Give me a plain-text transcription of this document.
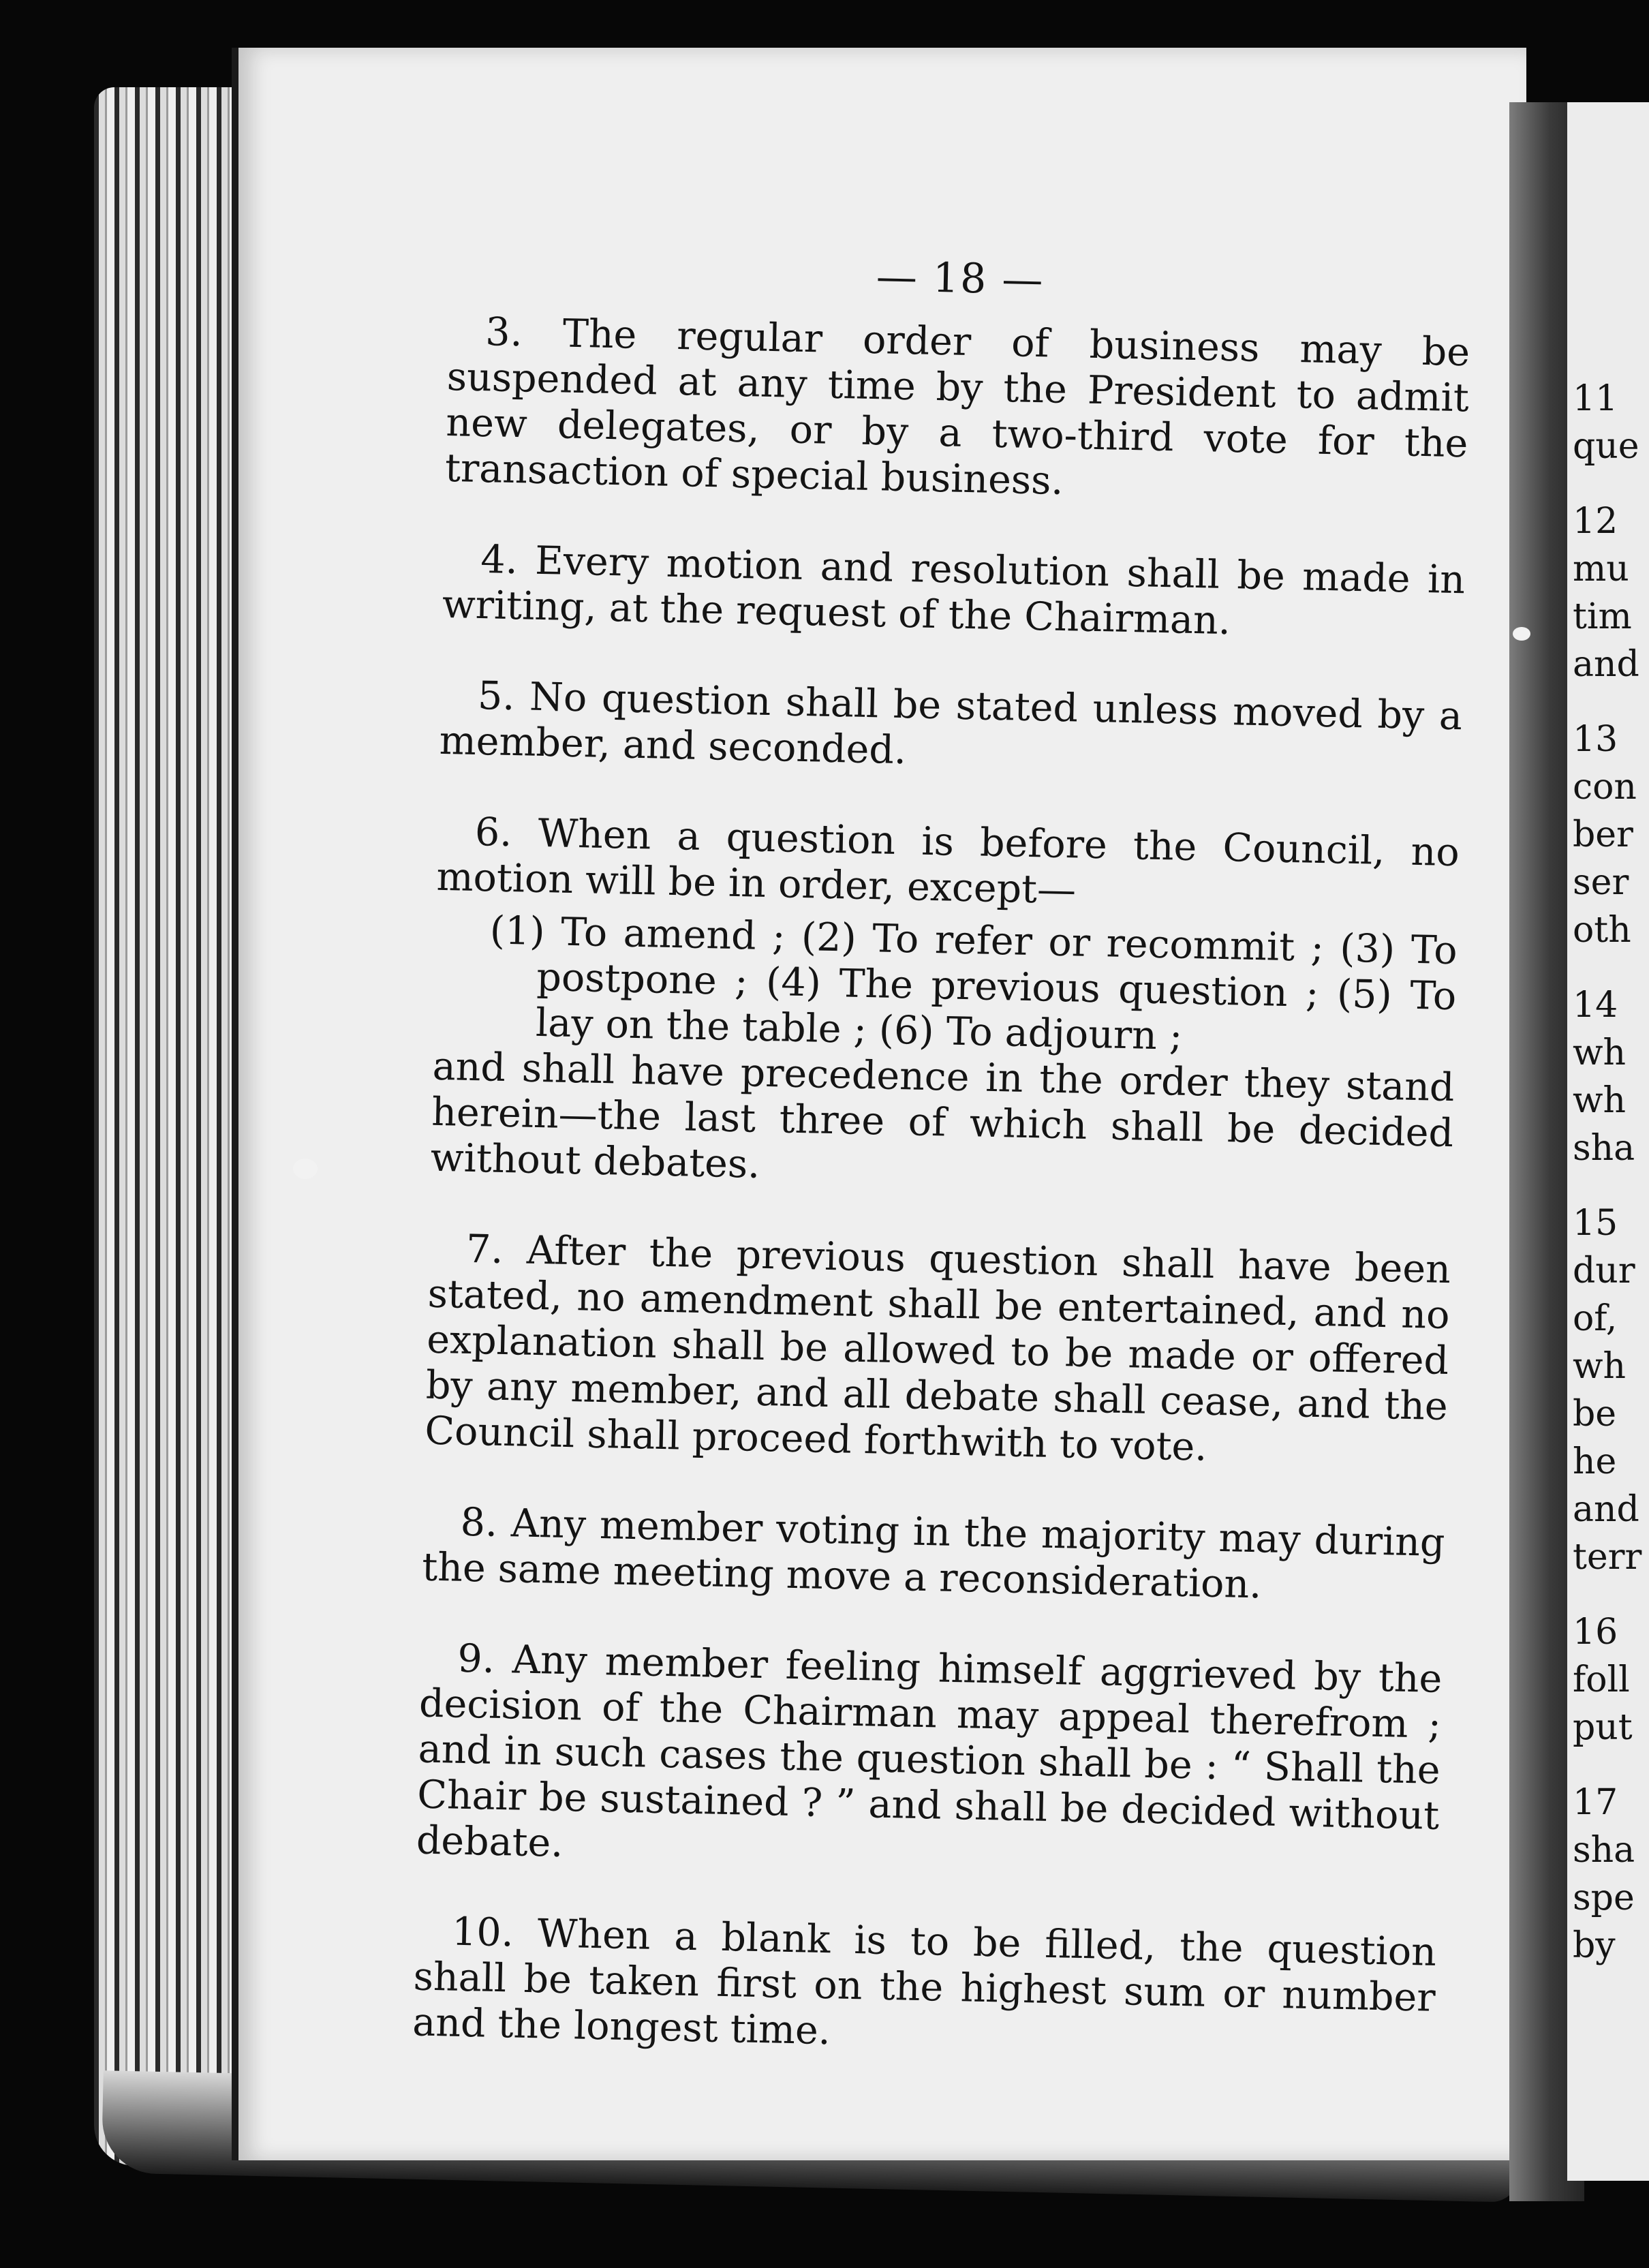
11
que
12
mu
tim
and
13
con
ber
ser
oth
14
wh
wh
sha
15
dur
of,
wh
be
he
and
terr
16
foll
put
17
sha
spe
by
— 18 —

3. The regular order of business may be suspended at any time by the President to admit new delegates, or by a two-third vote for the transaction of special business.

4. Every motion and resolution shall be made in writing, at the request of the Chairman.

5. No question shall be stated unless moved by a member, and seconded.

6. When a question is before the Council, no motion will be in order, except—

(1) To amend ; (2) To refer or recommit ; (3) To postpone ; (4) The previous question ; (5) To lay on the table ; (6) To adjourn ;

and shall have precedence in the order they stand herein—the last three of which shall be decided without debates.

7. After the previous question shall have been stated, no amendment shall be entertained, and no explanation shall be allowed to be made or offered by any member, and all debate shall cease, and the Council shall proceed forthwith to vote.

8. Any member voting in the majority may during the same meeting move a reconsideration.

9. Any member feeling himself aggrieved by the decision of the Chairman may appeal therefrom ; and in such cases the question shall be : “ Shall the Chair be sustained ? ” and shall be decided without debate.

10. When a blank is to be filled, the question shall be taken first on the highest sum or number and the longest time.
